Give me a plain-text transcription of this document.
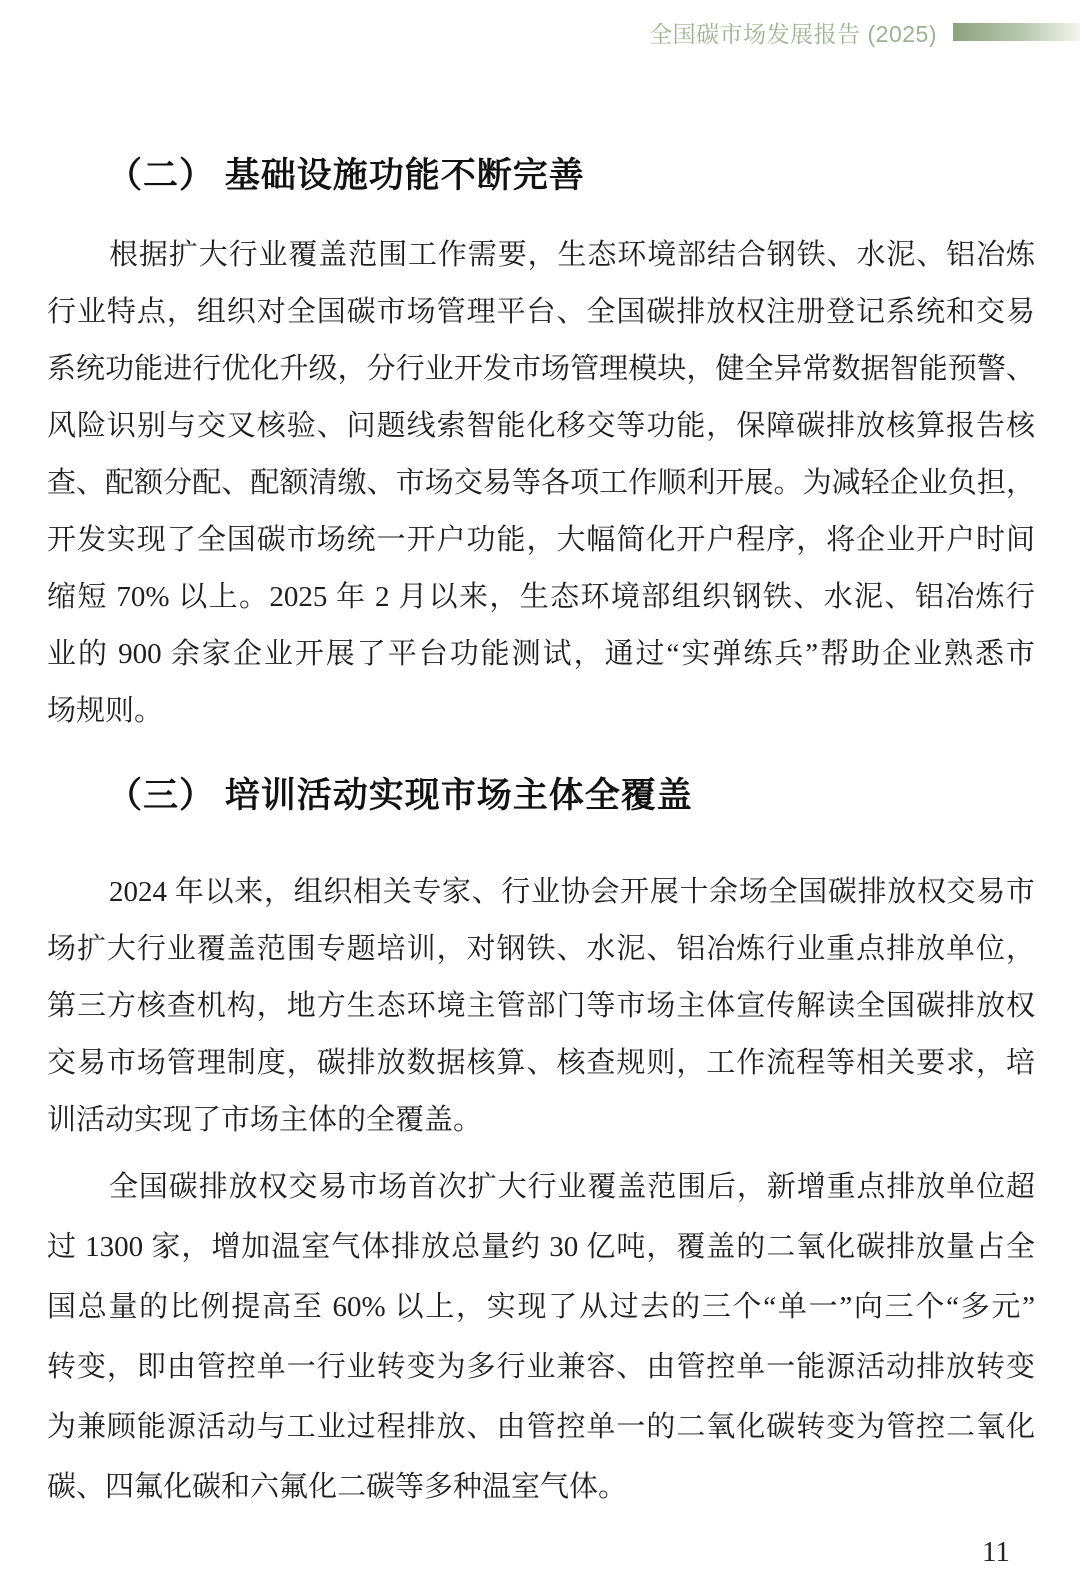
全国碳市场发展报告 (2025)
（二） 基础设施功能不断完善
根据扩大行业覆盖范围工作需要，生态环境部结合钢铁、水泥、铝冶炼
行业特点，组织对全国碳市场管理平台、全国碳排放权注册登记系统和交易
系统功能进行优化升级，分行业开发市场管理模块，健全异常数据智能预警、
风险识别与交叉核验、问题线索智能化移交等功能，保障碳排放核算报告核
查、配额分配、配额清缴、市场交易等各项工作顺利开展。为减轻企业负担，
开发实现了全国碳市场统一开户功能，大幅简化开户程序，将企业开户时间
缩短 70% 以上。2025 年 2 月以来，生态环境部组织钢铁、水泥、铝冶炼行
业的 900 余家企业开展了平台功能测试，通过“实弹练兵”帮助企业熟悉市
场规则。
（三） 培训活动实现市场主体全覆盖
2024 年以来，组织相关专家、行业协会开展十余场全国碳排放权交易市
场扩大行业覆盖范围专题培训，对钢铁、水泥、铝冶炼行业重点排放单位，
第三方核查机构，地方生态环境主管部门等市场主体宣传解读全国碳排放权
交易市场管理制度，碳排放数据核算、核查规则，工作流程等相关要求，培
训活动实现了市场主体的全覆盖。
全国碳排放权交易市场首次扩大行业覆盖范围后，新增重点排放单位超
过 1300 家，增加温室气体排放总量约 30 亿吨，覆盖的二氧化碳排放量占全
国总量的比例提高至 60% 以上，实现了从过去的三个“单一”向三个“多元”
转变，即由管控单一行业转变为多行业兼容、由管控单一能源活动排放转变
为兼顾能源活动与工业过程排放、由管控单一的二氧化碳转变为管控二氧化
碳、四氟化碳和六氟化二碳等多种温室气体。
11
